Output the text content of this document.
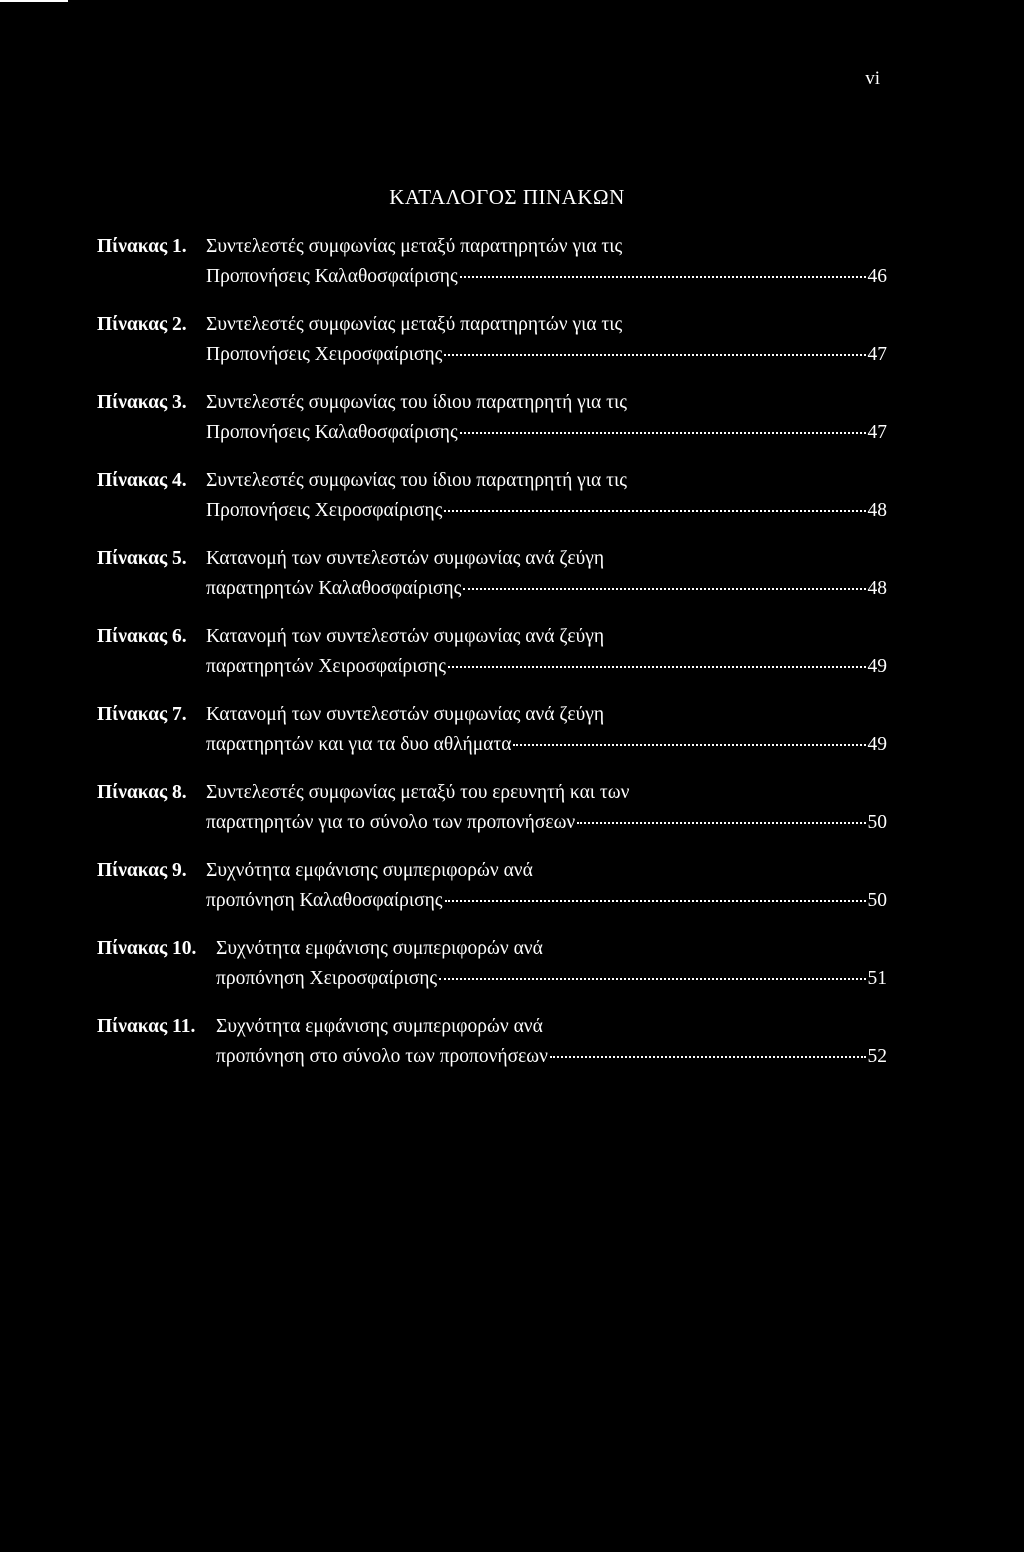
vi
ΚΑΤΑΛΟΓΟΣ ΠΙΝΑΚΩΝ
Πίνακας 1. Συντελεστές συμφωνίας μεταξύ παρατηρητών για τις
Προπονήσεις Καλαθοσφαίρισης	46
Πίνακας 2. Συντελεστές συμφωνίας μεταξύ παρατηρητών για τις
Προπονήσεις Χειροσφαίρισης	47
Πίνακας 3. Συντελεστές συμφωνίας του ίδιου παρατηρητή για τις
Προπονήσεις Καλαθοσφαίρισης	47
Πίνακας 4. Συντελεστές συμφωνίας του ίδιου παρατηρητή για τις
Προπονήσεις Χειροσφαίρισης	48
Πίνακας 5. Κατανομή των συντελεστών συμφωνίας ανά ζεύγη
παρατηρητών Καλαθοσφαίρισης	48
Πίνακας 6. Κατανομή των συντελεστών συμφωνίας ανά ζεύγη
παρατηρητών Χειροσφαίρισης	49
Πίνακας 7. Κατανομή των συντελεστών συμφωνίας ανά ζεύγη
παρατηρητών και για τα δυο αθλήματα	49
Πίνακας 8. Συντελεστές συμφωνίας μεταξύ του ερευνητή και των
παρατηρητών για το σύνολο των προπονήσεων	50
Πίνακας 9. Συχνότητα εμφάνισης συμπεριφορών ανά
προπόνηση Καλαθοσφαίρισης	50
Πίνακας 10.	Συχνότητα εμφάνισης συμπεριφορών ανά
προπόνηση Χειροσφαίρισης	51
Πίνακας 11.	Συχνότητα εμφάνισης συμπεριφορών ανά
προπόνηση στο σύνολο των προπονήσεων	52
